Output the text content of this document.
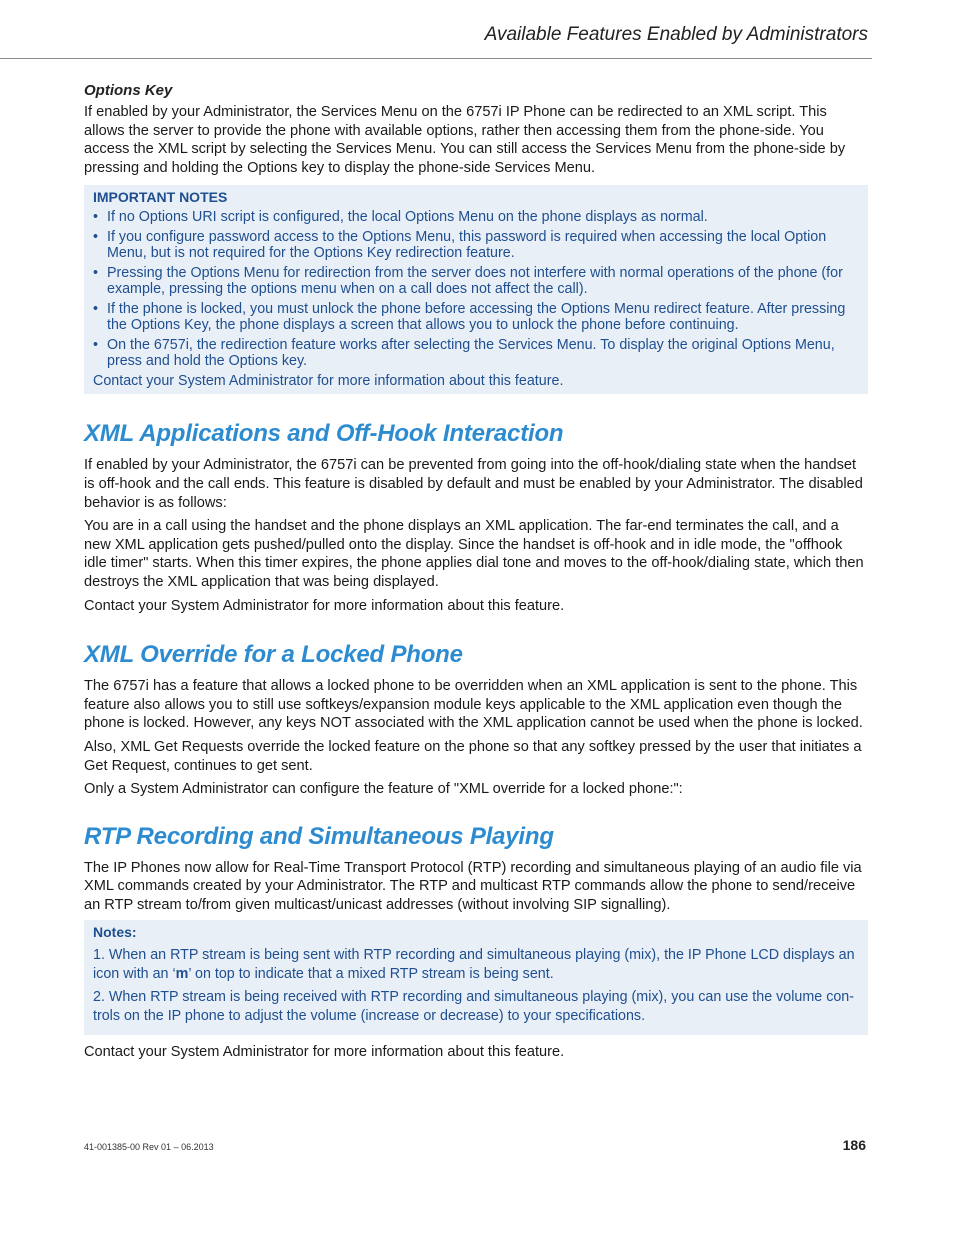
Available Features Enabled by Administrators
Options Key

If enabled by your Administrator, the Services Menu on the 6757i IP Phone can be redirected to an XML script. This allows the server to provide the phone with available options, rather then accessing them from the phone-side. You access the XML script by selecting the Services Menu. You can still access the Services Menu from the phone-side by pressing and holding the Options key to display the phone-side Services Menu.

IMPORTANT NOTES
• If no Options URI script is configured, the local Options Menu on the phone displays as normal.
• If you configure password access to the Options Menu, this password is required when accessing the local Option Menu, but is not required for the Options Key redirection feature.
• Pressing the Options Menu for redirection from the server does not interfere with normal operations of the phone (for example, pressing the options menu when on a call does not affect the call).
• If the phone is locked, you must unlock the phone before accessing the Options Menu redirect feature. After pressing the Options Key, the phone displays a screen that allows you to unlock the phone before continuing.
• On the 6757i, the redirection feature works after selecting the Services Menu. To display the original Options Menu, press and hold the Options key.
Contact your System Administrator for more information about this feature.
XML Applications and Off-Hook Interaction

If enabled by your Administrator, the 6757i can be prevented from going into the off-hook/dialing state when the handset is off-hook and the call ends. This feature is disabled by default and must be enabled by your Administrator. The disabled behavior is as follows:

You are in a call using the handset and the phone displays an XML application. The far-end terminates the call, and a new XML application gets pushed/pulled onto the display. Since the handset is off-hook and in idle mode, the "offhook idle timer" starts. When this timer expires, the phone applies dial tone and moves to the off-hook/dialing state, which then destroys the XML application that was being displayed.

Contact your System Administrator for more information about this feature.

XML Override for a Locked Phone

The 6757i has a feature that allows a locked phone to be overridden when an XML application is sent to the phone. This feature also allows you to still use softkeys/expansion module keys applicable to the XML application even though the phone is locked. However, any keys NOT associated with the XML application cannot be used when the phone is locked.

Also, XML Get Requests override the locked feature on the phone so that any softkey pressed by the user that initiates a Get Request, continues to get sent.

Only a System Administrator can configure the feature of "XML override for a locked phone:":

RTP Recording and Simultaneous Playing

The IP Phones now allow for Real-Time Transport Protocol (RTP) recording and simultaneous playing of an audio file via XML commands created by your Administrator. The RTP and multicast RTP commands allow the phone to send/receive an RTP stream to/from given multicast/unicast addresses (without involving SIP signalling).

Notes:
1. When an RTP stream is being sent with RTP recording and simultaneous playing (mix), the IP Phone LCD displays an icon with an ‘m’ on top to indicate that a mixed RTP stream is being sent.
2. When RTP stream is being received with RTP recording and simultaneous playing (mix), you can use the volume con-trols on the IP phone to adjust the volume (increase or decrease) to your specifications.

Contact your System Administrator for more information about this feature.

41-001385-00 Rev 01 – 06.2013	186
